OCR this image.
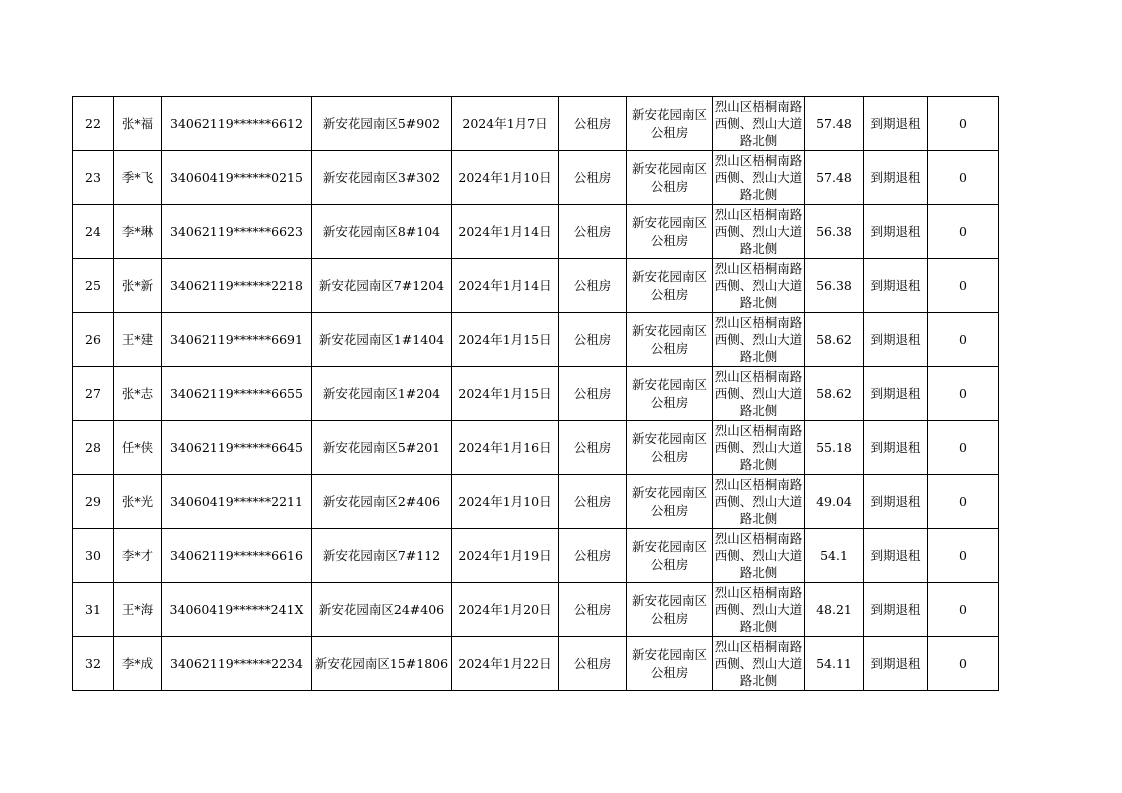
22	张*福	34062119******6612	新安花园南区5#902	2024年1月7日	公租房	新安花园南区公租房	烈山区梧桐南路西侧、烈山大道路北侧	57.48	到期退租	0
23	季*飞	34060419******0215	新安花园南区3#302	2024年1月10日	公租房	新安花园南区公租房	烈山区梧桐南路西侧、烈山大道路北侧	57.48	到期退租	0
24	李*琳	34062119******6623	新安花园南区8#104	2024年1月14日	公租房	新安花园南区公租房	烈山区梧桐南路西侧、烈山大道路北侧	56.38	到期退租	0
25	张*新	34062119******2218	新安花园南区7#1204	2024年1月14日	公租房	新安花园南区公租房	烈山区梧桐南路西侧、烈山大道路北侧	56.38	到期退租	0
26	王*建	34062119******6691	新安花园南区1#1404	2024年1月15日	公租房	新安花园南区公租房	烈山区梧桐南路西侧、烈山大道路北侧	58.62	到期退租	0
27	张*志	34062119******6655	新安花园南区1#204	2024年1月15日	公租房	新安花园南区公租房	烈山区梧桐南路西侧、烈山大道路北侧	58.62	到期退租	0
28	任*侠	34062119******6645	新安花园南区5#201	2024年1月16日	公租房	新安花园南区公租房	烈山区梧桐南路西侧、烈山大道路北侧	55.18	到期退租	0
29	张*光	34060419******2211	新安花园南区2#406	2024年1月10日	公租房	新安花园南区公租房	烈山区梧桐南路西侧、烈山大道路北侧	49.04	到期退租	0
30	李*才	34062119******6616	新安花园南区7#112	2024年1月19日	公租房	新安花园南区公租房	烈山区梧桐南路西侧、烈山大道路北侧	54.1	到期退租	0
31	王*海	34060419******241X	新安花园南区24#406	2024年1月20日	公租房	新安花园南区公租房	烈山区梧桐南路西侧、烈山大道路北侧	48.21	到期退租	0
32	李*成	34062119******2234	新安花园南区15#1806	2024年1月22日	公租房	新安花园南区公租房	烈山区梧桐南路西侧、烈山大道路北侧	54.11	到期退租	0
